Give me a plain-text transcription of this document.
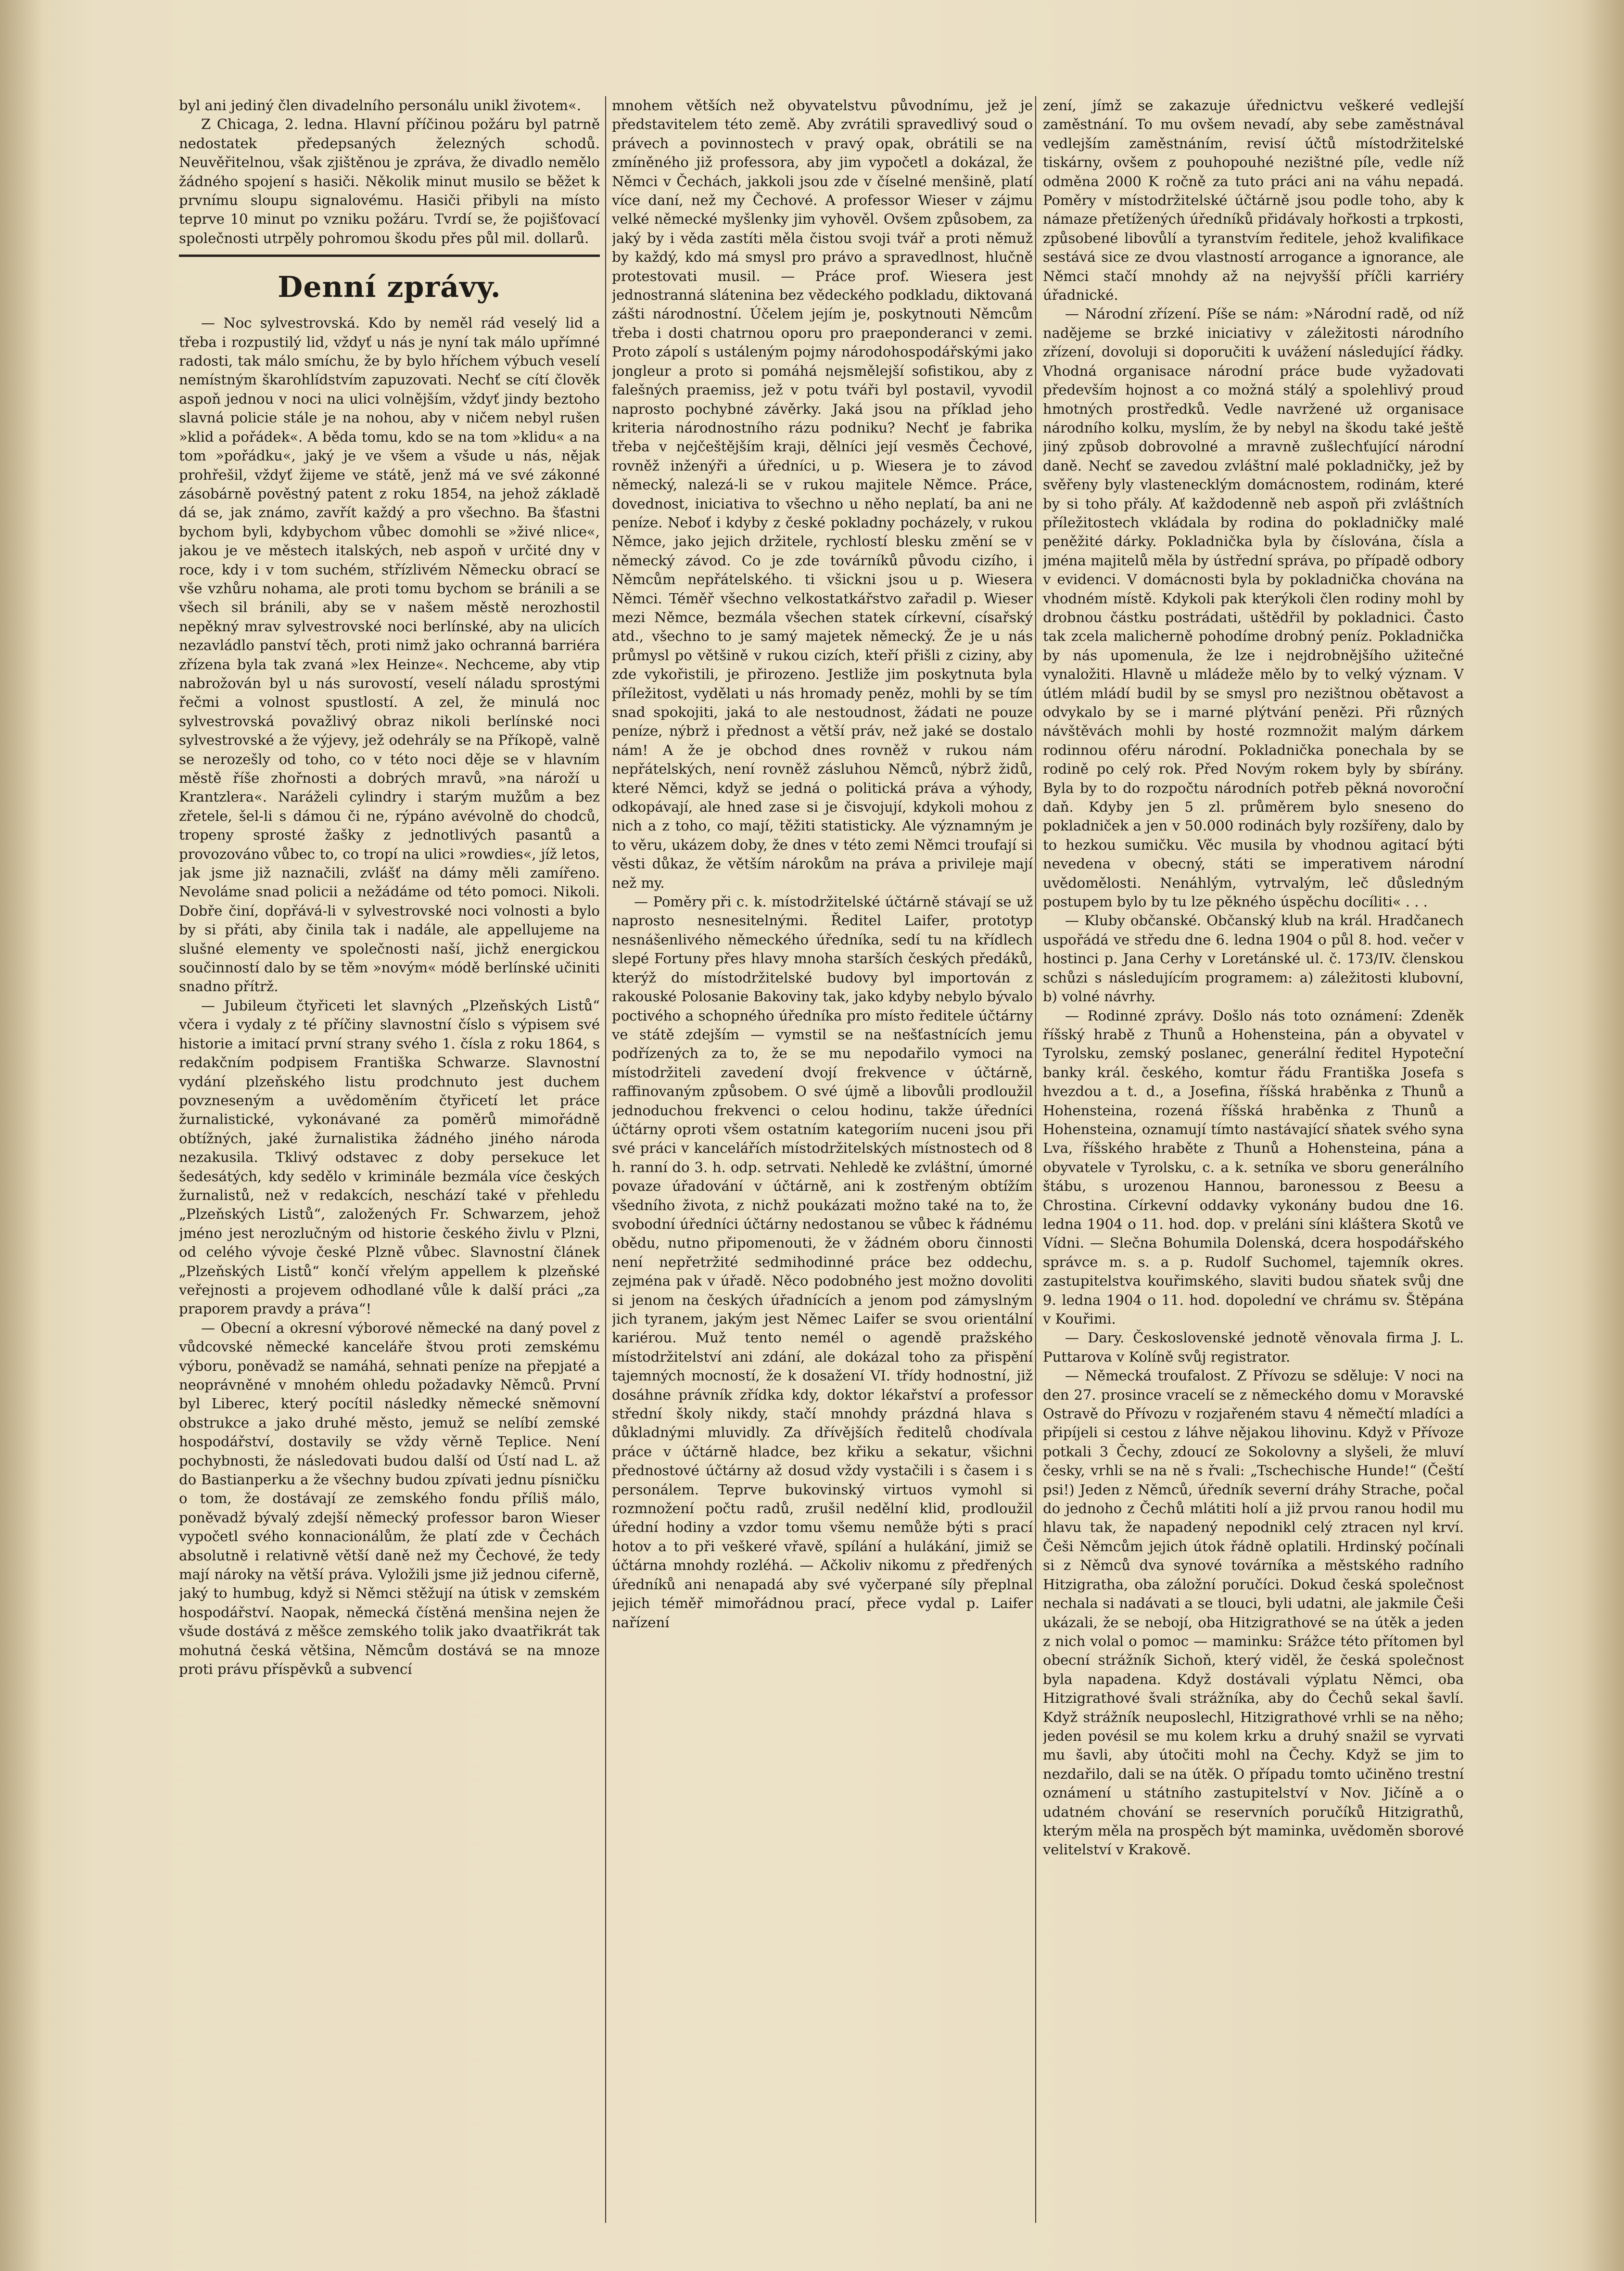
byl ani jediný člen divadelního personálu unikl životem«.

Z Chicaga, 2. ledna. Hlavní příčinou požáru byl patrně nedostatek předepsaných železných schodů. Neuvěřitelnou, však zjištěnou je zpráva, že divadlo nemělo žádného spojení s hasiči. Několik minut musilo se běžet k prvnímu sloupu signalovému. Hasiči přibyli na místo teprve 10 minut po vzniku požáru. Tvrdí se, že pojišťovací společnosti utrpěly pohromou škodu přes půl mil. dollarů.

Denní zprávy.

— Noc sylvestrovská. Kdo by neměl rád veselý lid a třeba i rozpustilý lid, vždyť u nás je nyní tak málo upřímné radosti, tak málo smíchu, že by bylo hříchem výbuch veselí nemístným škarohlídstvím zapuzovati. Nechť se cítí člověk aspoň jednou v noci na ulici volnějším, vždyť jindy beztoho slavná policie stále je na nohou, aby v ničem nebyl rušen »klid a pořádek«. A běda tomu, kdo se na tom »klidu« a na tom »pořádku«, jaký je ve všem a všude u nás, nějak prohřešil, vždyť žijeme ve státě, jenž má ve své zákonné zásobárně pověstný patent z roku 1854, na jehož základě dá se, jak známo, zavřít každý a pro všechno. Ba šťastni bychom byli, kdybychom vůbec domohli se »živé nlice«, jakou je ve městech italských, neb aspoň v určité dny v roce, kdy i v tom suchém, střízlivém Německu obrací se vše vzhůru nohama, ale proti tomu bychom se bránili a se všech sil bránili, aby se v našem městě nerozhostil nepěkný mrav sylvestrovské noci berlínské, aby na ulicích nezavládlo panství těch, proti nimž jako ochranná barriéra zřízena byla tak zvaná »lex Heinze«. Nechceme, aby vtip nabrožován byl u nás surovostí, veselí náladu sprostými řečmi a volnost spustlostí. A zel, že minulá noc sylvestrovská považlivý obraz nikoli berlínské noci sylvestrovské a že výjevy, jež odehrály se na Příkopě, valně se nerozešly od toho, co v této noci děje se v hlavním městě říše zhořnosti a dobrých mravů, »na nároží u Krantzlera«. Naráželi cylindry i starým mužům a bez zřetele, šel-li s dámou či ne, rýpáno avévolně do chodců, tropeny sprosté žašky z jednotlivých pasantů a provozováno vůbec to, co tropí na ulici »rowdies«, jíž letos, jak jsme již naznačili, zvlášť na dámy měli zamířeno. Nevoláme snad policii a nežádáme od této pomoci. Nikoli. Dobře činí, dopřává-li v sylvestrovské noci volnosti a bylo by si přáti, aby činila tak i nadále, ale appellujeme na slušné elementy ve společnosti naší, jichž energickou součinností dalo by se těm »novým« módě berlínské učiniti snadno přítrž.

— Jubileum čtyřiceti let slavných „Plzeňských Listů“ včera i vydaly z té příčiny slavnostní číslo s výpisem své historie a imitací první strany svého 1. čísla z roku 1864, s redakčním podpisem Františka Schwarze. Slavnostní vydání plzeňského listu prodchnuto jest duchem povzneseným a uvědoměním čtyřicetí let práce žurnalistické, vykonávané za poměrů mimořádně obtížných, jaké žurnalistika žádného jiného národa nezakusila. Tklivý odstavec z doby persekuce let šedesátých, kdy sedělo v kriminále bezmála více českých žurnalistů, než v redakcích, neschází také v přehledu „Plzeňských Listů“, založených Fr. Schwarzem, jehož jméno jest nerozlučným od historie českého živlu v Plzni, od celého vývoje české Plzně vůbec. Slavnostní článek „Plzeňských Listů“ končí vřelým appellem k plzeňské veřejnosti a projevem odhodlané vůle k další práci „za praporem pravdy a práva“!

— Obecní a okresní výborové německé na daný povel z vůdcovské německé kanceláře štvou proti zemskému výboru, poněvadž se namáhá, sehnati peníze na přepjaté a neoprávněné v mnohém ohledu požadavky Němců. První byl Liberec, který pocítil následky německé sněmovní obstrukce a jako druhé město, jemuž se nelíbí zemské hospodářství, dostavily se vždy věrně Teplice. Není pochybnosti, že následovati budou další od Ústí nad L. až do Bastianperku a že všechny budou zpívati jednu písničku o tom, že dostávají ze zemského fondu příliš málo, poněvadž bývalý zdejší německý professor baron Wieser vypočetl svého konnacionálům, že platí zde v Čechách absolutně i relativně větší daně než my Čechové, že tedy mají nároky na větší práva. Vyložili jsme již jednou ciferně, jaký to humbug, když si Němci stěžují na útisk v zemském hospodářství. Naopak, německá čístěná menšina nejen že všude dostává z měšce zemského tolik jako dvaatřikrát tak mohutná česká většina, Němcům dostává se na mnoze proti právu příspěvků a subvencí

mnohem větších než obyvatelstvu původnímu, jež je představitelem této země. Aby zvrátili spravedlivý soud o právech a povinnostech v pravý opak, obrátili se na zmíněného již professora, aby jim vypočetl a dokázal, že Němci v Čechách, jakkoli jsou zde v číselné menšině, platí více daní, než my Čechové. A professor Wieser v zájmu velké německé myšlenky jim vyhověl. Ovšem způsobem, za jaký by i věda zastíti měla čistou svoji tvář a proti němuž by každý, kdo má smysl pro právo a spravedlnost, hlučně protestovati musil. — Práce prof. Wiesera jest jednostranná slátenina bez vědeckého podkladu, diktovaná zášti národnostní. Účelem jejím je, poskytnouti Němcům třeba i dosti chatrnou oporu pro praeponderanci v zemi. Proto zápolí s ustáleným pojmy národohospodářskými jako jongleur a proto si pomáhá nejsmělejší sofistikou, aby z falešných praemiss, jež v potu tváři byl postavil, vyvodil naprosto pochybné závěrky. Jaká jsou na příklad jeho kriteria národnostního rázu podniku? Nechť je fabrika třeba v nejčeštějším kraji, dělníci její vesměs Čechové, rovněž inženýři a úředníci, u p. Wiesera je to závod německý, nalezá-li se v rukou majitele Němce. Práce, dovednost, iniciativa to všechno u něho neplatí, ba ani ne peníze. Neboť i kdyby z české pokladny pocházely, v rukou Němce, jako jejich držitele, rychlostí blesku změní se v německý závod. Co je zde továrníků původu cizího, i Němcům nepřátelského. ti všickni jsou u p. Wiesera Němci. Téměř všechno velkostatkářstvo zařadil p. Wieser mezi Němce, bezmála všechen statek církevní, císařský atd., všechno to je samý majetek německý. Že je u nás průmysl po většině v rukou cizích, kteří přišli z ciziny, aby zde vykořistili, je přirozeno. Jestliže jim poskytnuta byla příležitost, vydělati u nás hromady peněz, mohli by se tím snad spokojiti, jaká to ale nestoudnost, žádati ne pouze peníze, nýbrž i přednost a větší práv, než jaké se dostalo nám! A že je obchod dnes rovněž v rukou nám nepřátelských, není rovněž zásluhou Němců, nýbrž židů, které Němci, když se jedná o politická práva a výhody, odkopávají, ale hned zase si je čisvojují, kdykoli mohou z nich a z toho, co mají, těžiti statisticky. Ale významným je to věru, ukázem doby, že dnes v této zemi Němci troufají si věsti důkaz, že větším nárokům na práva a privileje mají než my.

— Poměry při c. k. místodržitelské účtárně stávají se už naprosto nesnesitelnými. Ředitel Laifer, prototyp nesnášenlivého německého úředníka, sedí tu na křídlech slepé Fortuny přes hlavy mnoha starších českých předáků, kterýž do místodržitelské budovy byl importován z rakouské Polosanie Bakoviny tak, jako kdyby nebylo bývalo poctivého a schopného úředníka pro místo ředitele účtárny ve státě zdejším — vymstil se na nešťastnících jemu podřízených za to, že se mu nepodařilo vymoci na místodržiteli zavedení dvojí frekvence v účtárně, raffinovaným způsobem. O své újmě a libovůli prodloužil jednoduchou frekvenci o celou hodinu, takže úředníci účtárny oproti všem ostatním kategoriím nuceni jsou při své práci v kancelářích místodržitelských místnostech od 8 h. ranní do 3. h. odp. setrvati. Nehledě ke zvláštní, úmorné povaze úřadování v účtárně, ani k zostřeným obtížím všedního života, z nichž poukázati možno také na to, že svobodní úředníci účtárny nedostanou se vůbec k řádnému obědu, nutno připomenouti, že v žádném oboru činnosti není nepřetržité sedmihodinné práce bez oddechu, zejména pak v úřadě. Něco podobného jest možno dovoliti si jenom na českých úřadnících a jenom pod zámyslným jich tyranem, jakým jest Němec Laifer se svou orientální kariérou. Muž tento nemél o agendě pražského místodržitelství ani zdání, ale dokázal toho za přispění tajemných mocností, že k dosažení VI. třídy hodnostní, již dosáhne právník zřídka kdy, doktor lékařství a professor střední školy nikdy, stačí mnohdy prázdná hlava s důkladnými mluvidly. Za dřívějších ředitelů chodívala práce v účtárně hladce, bez křiku a sekatur, všichni přednostové účtárny až dosud vždy vystačili i s časem i s personálem. Teprve bukovinský virtuos vymohl si rozmnožení počtu radů, zrušil nedělní klid, prodloužil úřední hodiny a vzdor tomu všemu nemůže býti s prací hotov a to při veškeré vřavě, spílání a hulákání, jimiž se účtárna mnohdy rozléhá. — Ačkoliv nikomu z předřených úředníků ani nenapadá aby své vyčerpané síly přeplnal jejich téměř mimořádnou prací, přece vydal p. Laifer nařízení

zení, jímž se zakazuje úřednictvu veškeré vedlejší zaměstnání. To mu ovšem nevadí, aby sebe zaměstnával vedlejším zaměstnáním, revisí účtů místodržitelské tiskárny, ovšem z pouhopouhé nezištné píle, vedle níž odměna 2000 K ročně za tuto práci ani na váhu nepadá. Poměry v místodržitelské účtárně jsou podle toho, aby k námaze přetížených úředníků přidávaly hořkosti a trpkosti, způsobené libovůlí a tyranstvím ředitele, jehož kvalifikace sestává sice ze dvou vlastností arrogance a ignorance, ale Němci stačí mnohdy až na nejvyšší příčli karriéry úřadnické.

— Národní zřízení. Píše se nám: »Národní radě, od níž nadějeme se brzké iniciativy v záležitosti národního zřízení, dovoluji si doporučiti k uvážení následující řádky. Vhodná organisace národní práce bude vyžadovati především hojnost a co možná stálý a spolehlivý proud hmotných prostředků. Vedle navržené už organisace národního kolku, myslím, že by nebyl na škodu také ještě jiný způsob dobrovolné a mravně zušlechťující národní daně. Nechť se zavedou zvláštní malé pokladničky, jež by svěřeny byly vlastenecklým domácnostem, rodinám, které by si toho přály. Ať každodenně neb aspoň při zvláštních příležitostech vkládala by rodina do pokladničky malé peněžité dárky. Pokladnička byla by číslována, čísla a jména majitelů měla by ústřední správa, po případě odbory v evidenci. V domácnosti byla by pokladnička chována na vhodném místě. Kdykoli pak kterýkoli člen rodiny mohl by drobnou částku postrádati, uštědřil by pokladnici. Často tak zcela malicherně pohodíme drobný peníz. Pokladnička by nás upomenula, že lze i nejdrobnějšího užitečné vynaložiti. Hlavně u mládeže mělo by to velký význam. V útlém mládí budil by se smysl pro nezištnou obětavost a odvykalo by se i marné plýtvání penězi. Při různých návštěvách mohli by hosté rozmnožit malým dárkem rodinnou oféru národní. Pokladnička ponechala by se rodině po celý rok. Před Novým rokem byly by sbírány. Byla by to do rozpočtu národních potřeb pěkná novoroční daň. Kdyby jen 5 zl. průměrem bylo sneseno do pokladniček a jen v 50.000 rodinách byly rozšířeny, dalo by to hezkou sumičku. Věc musila by vhodnou agitací býti nevedena v obecný, státi se imperativem národní uvědomělosti. Nenáhlým, vytrvalým, leč důsledným postupem bylo by tu lze pěkného úspěchu docíliti« . . .

— Kluby občanské. Občanský klub na král. Hradčanech uspořádá ve středu dne 6. ledna 1904 o půl 8. hod. večer v hostinci p. Jana Cerhy v Loretánské ul. č. 173/IV. členskou schůzi s následujícím programem: a) záležitosti klubovní, b) volné návrhy.

— Rodinné zprávy. Došlo nás toto oznámení: Zdeněk říšský hrabě z Thunů a Hohensteina, pán a obyvatel v Tyrolsku, zemský poslanec, generální ředitel Hypoteční banky král. českého, komtur řádu Františka Josefa s hvezdou a t. d., a Josefina, říšská hraběnka z Thunů a Hohensteina, rozená říšská hraběnka z Thunů a Hohensteina, oznamují tímto nastávající sňatek svého syna Lva, říšského hraběte z Thunů a Hohensteina, pána a obyvatele v Tyrolsku, c. a k. setníka ve sboru generálního štábu, s urozenou Hannou, baronessou z Beesu a Chrostina. Církevní oddavky vykonány budou dne 16. ledna 1904 o 11. hod. dop. v preláni síni kláštera Skotů ve Vídni. — Slečna Bohumila Dolenská, dcera hospodářského správce m. s. a p. Rudolf Suchomel, tajemník okres. zastupitelstva kouřimského, slaviti budou sňatek svůj dne 9. ledna 1904 o 11. hod. dopolední ve chrámu sv. Štěpána v Kouřimi.

— Dary. Československé jednotě věnovala firma J. L. Puttarova v Kolíně svůj registrator.

— Německá troufalost. Z Přívozu se sděluje: V noci na den 27. prosince vracelí se z německého domu v Moravské Ostravě do Přívozu v rozjařeném stavu 4 němečtí mladíci a připíjeli si cestou z láhve nějakou lihovinu. Když v Přívoze potkali 3 Čechy, zdoucí ze Sokolovny a slyšeli, že mluví česky, vrhli se na ně s řvali: „Tschechische Hunde!“ (Čeští psi!) Jeden z Němců, úředník severní dráhy Strache, počal do jednoho z Čechů mlátiti holí a již prvou ranou hodil mu hlavu tak, že napadený nepodnikl celý ztracen nyl krví. Češi Němcům jejich útok řádně oplatili. Hrdinský počínali si z Němců dva synové továrníka a městského radního Hitzigratha, oba záložní poručíci. Dokud česká společnost nechala si nadávati a se tlouci, byli udatni, ale jakmile Češi ukázali, že se nebojí, oba Hitzigrathové se na útěk a jeden z nich volal o pomoc — maminku: Srážce této přítomen byl obecní strážník Sichoň, který viděl, že česká společnost byla napadena. Když dostávali výplatu Němci, oba Hitzigrathové švali strážníka, aby do Čechů sekal šavlí. Když strážník neuposlechl, Hitzigrathové vrhli se na něho; jeden povésil se mu kolem krku a druhý snažil se vyrvati mu šavli, aby útočiti mohl na Čechy. Když se jim to nezdařilo, dali se na útěk. O případu tomto učiněno trestní oznámení u státního zastupitelství v Nov. Jičíně a o udatném chování se reservních poručíků Hitzigrathů, kterým měla na prospěch být maminka, uvědoměn sborové velitelství v Krakově.
